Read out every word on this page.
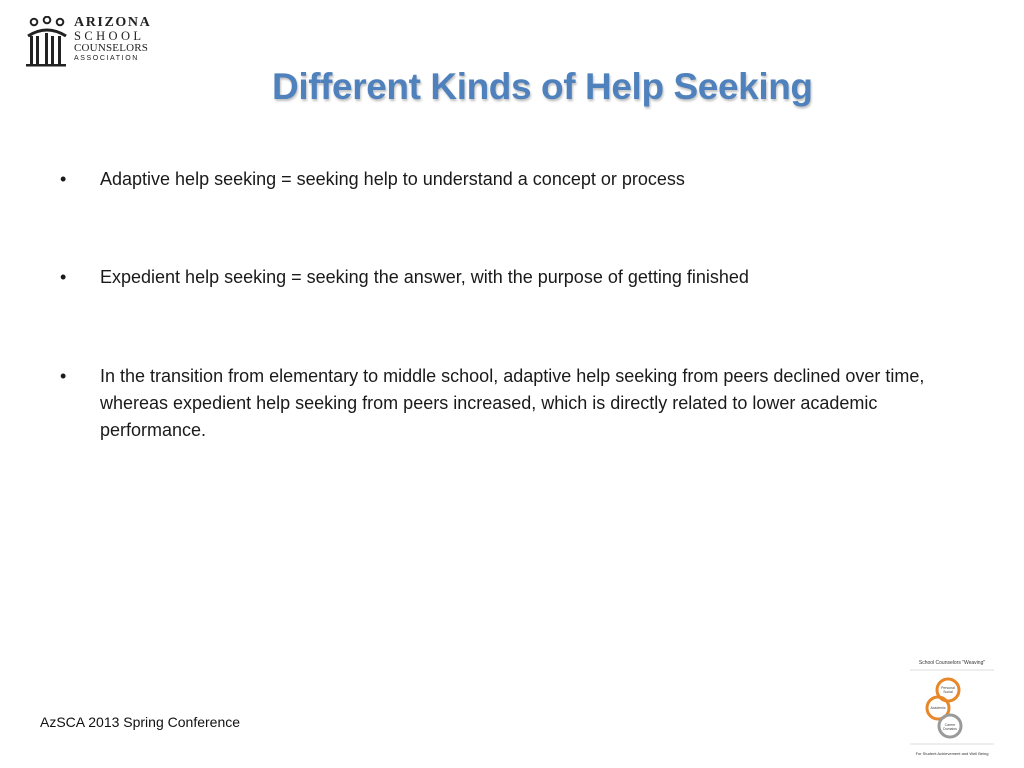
ARIZONA
SCHOOL
COUNSELORS
ASSOCIATION
Different Kinds of Help Seeking
•	Adaptive help seeking = seeking help to understand a concept or process
•	Expedient help seeking = seeking the answer, with the purpose of getting finished
•	In the transition from elementary to middle school, adaptive help seeking from peers declined over time, whereas expedient help seeking from peers increased, which is directly related to lower academic performance.
AzSCA 2013 Spring Conference
School Counselors "Weaving"
Personal Social
Academic
Career Domains
For Student Achievement and Well Being
